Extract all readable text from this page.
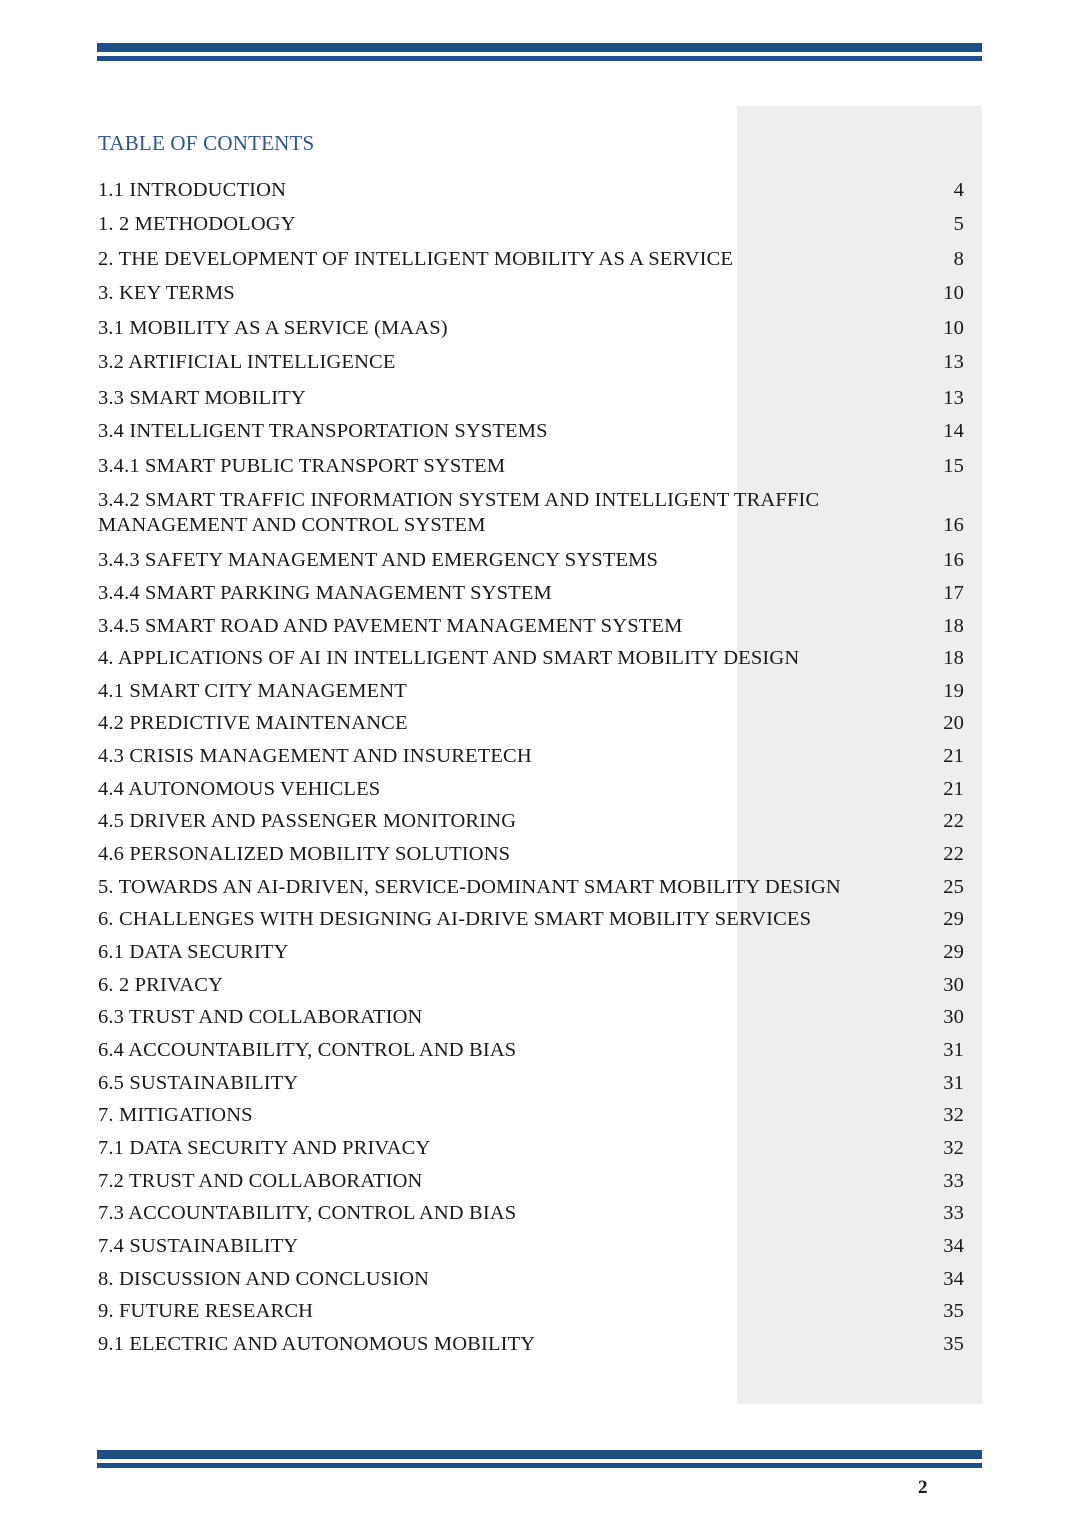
TABLE OF CONTENTS
1.1 INTRODUCTION	4
1. 2 METHODOLOGY	5
2. THE DEVELOPMENT OF INTELLIGENT MOBILITY AS A SERVICE	8
3. KEY TERMS	10
3.1 MOBILITY AS A SERVICE (MAAS)	10
3.2 ARTIFICIAL INTELLIGENCE	13
3.3 SMART MOBILITY	13
3.4 INTELLIGENT TRANSPORTATION SYSTEMS	14
3.4.1 SMART PUBLIC TRANSPORT SYSTEM	15
3.4.2 SMART TRAFFIC INFORMATION SYSTEM AND INTELLIGENT TRAFFIC
MANAGEMENT AND CONTROL SYSTEM	16
3.4.3 SAFETY MANAGEMENT AND EMERGENCY SYSTEMS	16
3.4.4 SMART PARKING MANAGEMENT SYSTEM	17
3.4.5 SMART ROAD AND PAVEMENT MANAGEMENT SYSTEM	18
4. APPLICATIONS OF AI IN INTELLIGENT AND SMART MOBILITY DESIGN	18
4.1 SMART CITY MANAGEMENT	19
4.2 PREDICTIVE MAINTENANCE	20
4.3 CRISIS MANAGEMENT AND INSURETECH	21
4.4 AUTONOMOUS VEHICLES	21
4.5 DRIVER AND PASSENGER MONITORING	22
4.6 PERSONALIZED MOBILITY SOLUTIONS	22
5. TOWARDS AN AI-DRIVEN, SERVICE-DOMINANT SMART MOBILITY DESIGN	25
6. CHALLENGES WITH DESIGNING AI-DRIVE SMART MOBILITY SERVICES	29
6.1 DATA SECURITY	29
6. 2 PRIVACY	30
6.3 TRUST AND COLLABORATION	30
6.4 ACCOUNTABILITY, CONTROL AND BIAS	31
6.5 SUSTAINABILITY	31
7. MITIGATIONS	32
7.1 DATA SECURITY AND PRIVACY	32
7.2 TRUST AND COLLABORATION	33
7.3 ACCOUNTABILITY, CONTROL AND BIAS	33
7.4 SUSTAINABILITY	34
8. DISCUSSION AND CONCLUSION	34
9. FUTURE RESEARCH	35
9.1 ELECTRIC AND AUTONOMOUS MOBILITY	35
2
